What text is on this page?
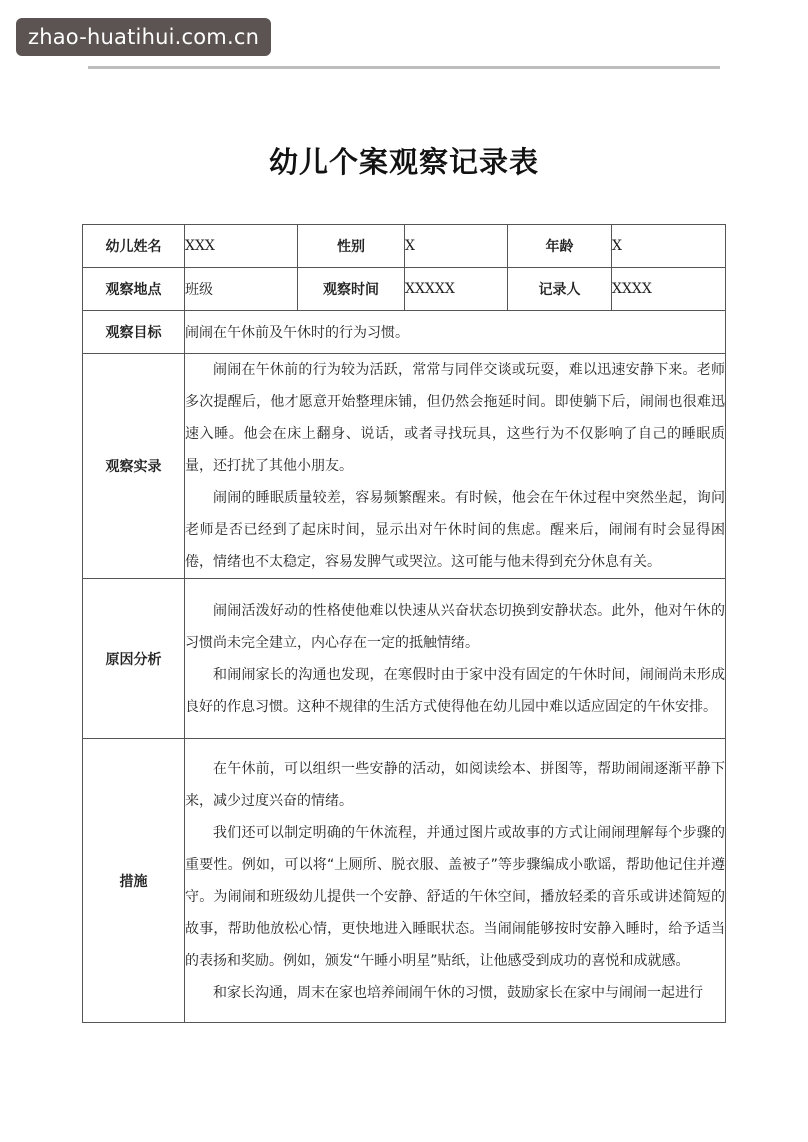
zhao-huatihui.com.cn
幼儿个案观察记录表
幼儿姓名	XXX	性别	X	年龄	X
观察地点	班级	观察时间	XXXXX	记录人	XXXX
观察目标	闹闹在午休前及午休时的行为习惯。				
观察实录	闹闹在午休前的行为较为活跃，常常与同伴交谈或玩耍，难以迅速安静下来。老师多次提醒后，他才愿意开始整理床铺，但仍然会拖延时间。即使躺下后，闹闹也很难迅速入睡。他会在床上翻身、说话，或者寻找玩具，这些行为不仅影响了自己的睡眠质量，还打扰了其他小朋友。

闹闹的睡眠质量较差，容易频繁醒来。有时候，他会在午休过程中突然坐起，询问老师是否已经到了起床时间，显示出对午休时间的焦虑。醒来后，闹闹有时会显得困倦，情绪也不太稳定，容易发脾气或哭泣。这可能与他未得到充分休息有关。				

原因分析	闹闹活泼好动的性格使他难以快速从兴奋状态切换到安静状态。此外，他对午休的习惯尚未完全建立，内心存在一定的抵触情绪。

和闹闹家长的沟通也发现，在寒假时由于家中没有固定的午休时间，闹闹尚未形成良好的作息习惯。这种不规律的生活方式使得他在幼儿园中难以适应固定的午休安排。				

措施	在午休前，可以组织一些安静的活动，如阅读绘本、拼图等，帮助闹闹逐渐平静下来，减少过度兴奋的情绪。

我们还可以制定明确的午休流程，并通过图片或故事的方式让闹闹理解每个步骤的重要性。例如，可以将“上厕所、脱衣服、盖被子”等步骤编成小歌谣，帮助他记住并遵守。为闹闹和班级幼儿提供一个安静、舒适的午休空间，播放轻柔的音乐或讲述简短的故事，帮助他放松心情，更快地进入睡眠状态。当闹闹能够按时安静入睡时，给予适当的表扬和奖励。例如，颁发“午睡小明星”贴纸，让他感受到成功的喜悦和成就感。

和家长沟通，周末在家也培养闹闹午休的习惯，鼓励家长在家中与闹闹一起进行				
